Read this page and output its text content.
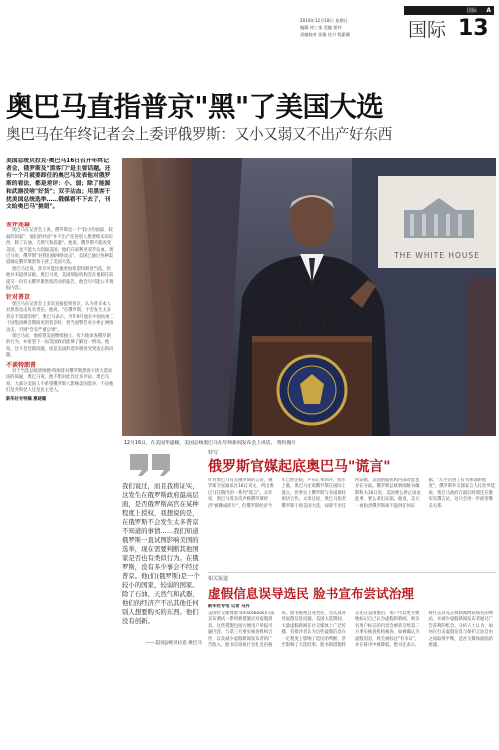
国际 A
2016年12月18日 星期日
编辑 祁三金 美编 要玲
责编校对 苗俊 任兴 程素颖	国际 13
奥巴马直指普京"黑"了美国大选
奥巴马在年终记者会上委评俄罗斯：又小又弱又不出产好东西
美国总统贝拉克·奥巴马16日召开年终记者会，俄罗斯及"黑客门"是主要话题。还有一个月就要卸任的奥巴马发表他对俄罗斯的看法，都是差评：小、弱；除了能源和武器没啥"好货"；双手沾血；用黑客干扰美国总统选举……俄媒看不下去了，刊文给奥巴马"挑错"。
差评连篇

奥巴马在记者会上说，俄罗斯是一个"较小的国家、较弱的国家"，他们的经济"并不出产任何别人想要购买的东西，除了石油、天然气和武器"。他说，俄罗斯不能改变美国，也不能大大削弱美国，他们在叙利亚双手沾血。奥巴马说，俄罗斯"对我们搞网络攻击"，美国已通过各种渠道确定俄罗斯黑客干扰了美国大选。

奥巴马还说，普京可能比他更加希望特朗普当选，但他并未提供证据。奥巴马说，美国情报机构会在他卸任前提交一份有关俄罗斯黑客活动的报告，他会尽可能公开情报内容。

针对普京

奥巴马在记者会上多次直接提到普京，认为普京本人对黑客攻击负有责任。他说，"在俄罗斯，不会发生太多普京不知道的事"。奥巴马表示，今年9月他在中国杭州二十国集团峰会期间见到普京时，曾当面警告对方停止网络攻击，否则"会有严重后果"。

奥巴马说，他希望美国继续独立、有力地审查俄罗斯的行为，并希望下一届美国政府能够了解这一情况。他说，这不是党派问题，而是美国的选举制度受到攻击的问题。

不谈特朗普

对于当选总统唐纳德·特朗普对俄罗斯黑客干扰大选说法的质疑，奥巴马说，他不想对此作过多评论。奥巴马说，大部分美国人不希望俄罗斯人影响美国选举，不论他们是共和党人还是民主党人。

新华社专特稿 惠晓霜
THE WHITE HOUSE
12月16日，在美国华盛顿，美国总统奥巴马在年终新闻发布会上讲话。 资料图片
我们说过，而且我将证实，这发生在俄罗斯政府最高层面，是否俄罗斯高官在某种程度上授权，我想说的是，在俄罗斯不会发生太多普京不知道的事情……我们知道俄罗斯一直试图影响美国的选举，现在需要判断其他国家是否也有类似行为。在俄罗斯，没有多少事会不经过普京。他(们(俄罗斯)是一个较小的国家，较弱的国家。除了石油、天然气和武器，他们的经济产不出其他任何别人想要购买的东西。他们没有创新。
——美国总统贝拉克·奥巴马
特写
俄罗斯官媒起底奥巴马"谎言"
针对奥巴马有关俄罗斯的言论，俄罗斯卫星通讯社16日刊文，列出奥巴马任期内的一系列"谎言"。文章说，奥巴马曾多次声称俄罗斯经济"被撕成碎片"，但俄罗斯经济今年已经企稳，卢布汇率回升，股市上涨。奥巴马还说俄罗斯在国际上孤立，但事实上俄罗斯与多国保持密切合作。文章还说，奥巴马指责俄罗斯干预美国大选，却拿不出任何证据，美国情报机构内部对此也存在分歧。俄罗斯总统新闻秘书佩斯科夫16日说，美国要么停止谈论此事，要么拿出证据。他说，美方一再指责俄罗斯却不提供任何证据，"几乎达到了有失体面的程度"。俄罗斯外交部发言人扎哈罗娃说，奥巴马政府在最后时刻还在散布反俄言论，这只会进一步损害俄美关系。
相关报道
虚假信息误导选民 脸书宣布尝试治理
新华社专电 记者 马丹
美国社交媒体脸书(Facebook)日前宣布测试一系列新措施应对虚假消息，这些措施包括方便用户举报可疑内容、与第三方事实核查机构合作，以及减少虚假新闻发布者的广告收入。脸书首席执行官扎克伯格说，脸书重视自身责任，会认真对待虚假信息问题。美国大选期间，大量虚假新闻在社交媒体上广泛传播，有批评者认为这些虚假信息在一定程度上影响了选民的判断，甚至影响了大选结果。脸书新措施将首先在美国推出，用户可以更方便地标记自己认为虚假的新闻，被多名用户标记的内容会被转交给第三方事实核查机构核查，如被确认为虚假消息，将会被标注"有争议"，并在排序中被降低。脸书还表示，将打击冒充正规新闻网站域名的网站，并减少虚假新闻发布者通过广告获利的机会。分析人士认为，如何在打击虚假信息与保护言论自由之间取得平衡，是社交媒体面临的难题。
